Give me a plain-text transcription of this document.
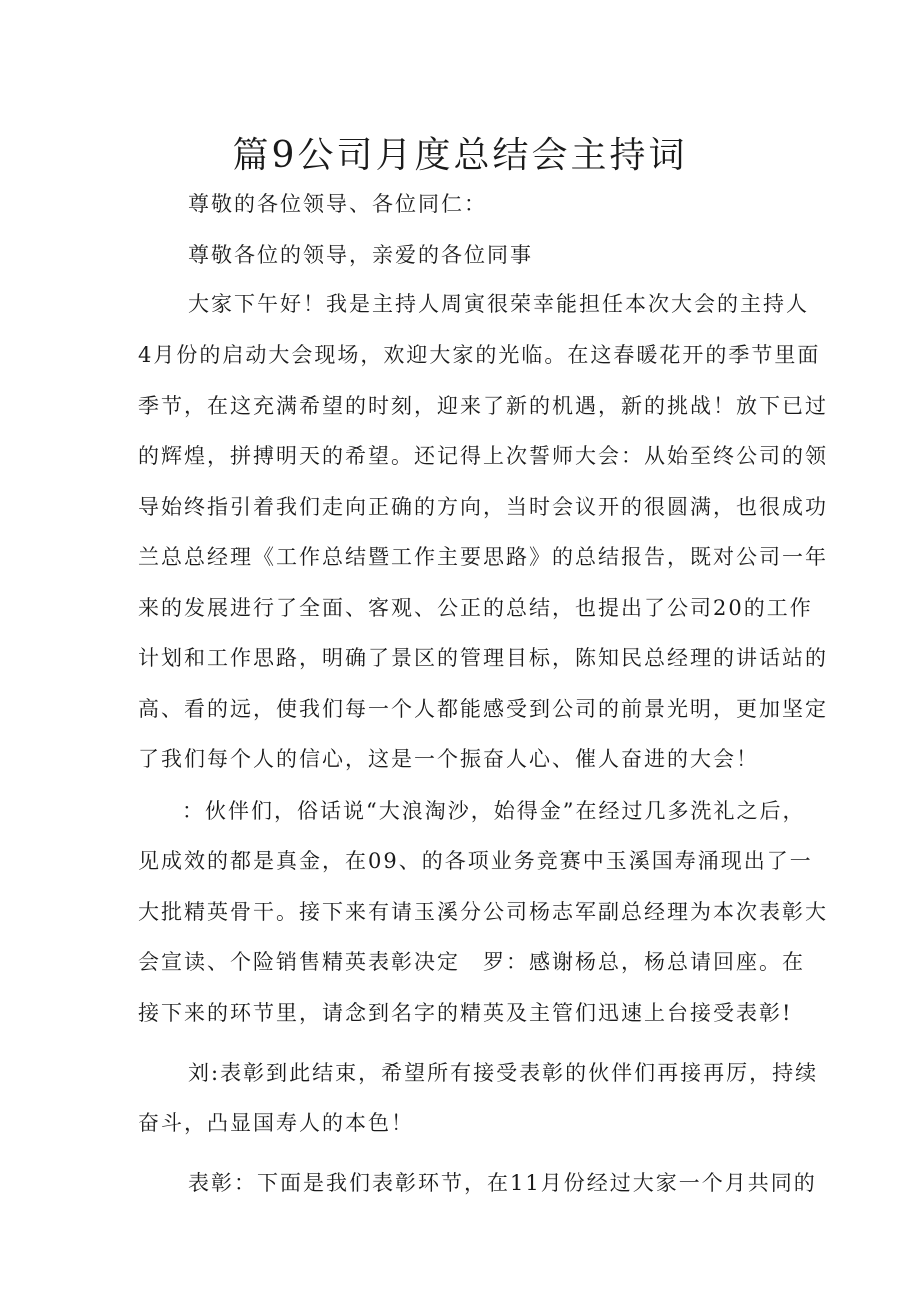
篇9公司月度总结会主持词

尊敬的各位领导、各位同仁：

尊敬各位的领导，亲爱的各位同事

大家下午好！我是主持人周寅很荣幸能担任本次大会的主持人

4月份的启动大会现场，欢迎大家的光临。在这春暖花开的季节里面

季节，在这充满希望的时刻，迎来了新的机遇，新的挑战！放下已过

的辉煌，拼搏明天的希望。还记得上次誓师大会：从始至终公司的领

导始终指引着我们走向正确的方向，当时会议开的很圆满，也很成功

兰总总经理《工作总结暨工作主要思路》的总结报告，既对公司一年

来的发展进行了全面、客观、公正的总结，也提出了公司20的工作

计划和工作思路，明确了景区的管理目标，陈知民总经理的讲话站的

高、看的远，使我们每一个人都能感受到公司的前景光明，更加坚定

了我们每个人的信心，这是一个振奋人心、催人奋进的大会！

：伙伴们，俗话说“大浪淘沙，始得金”在经过几多洗礼之后，

见成效的都是真金，在09、的各项业务竞赛中玉溪国寿涌现出了一

大批精英骨干。接下来有请玉溪分公司杨志军副总经理为本次表彰大

会宣读、个险销售精英表彰决定　罗：感谢杨总，杨总请回座。在

接下来的环节里，请念到名字的精英及主管们迅速上台接受表彰!

刘:表彰到此结束，希望所有接受表彰的伙伴们再接再厉，持续

奋斗，凸显国寿人的本色！

表彰：下面是我们表彰环节，在11月份经过大家一个月共同的
